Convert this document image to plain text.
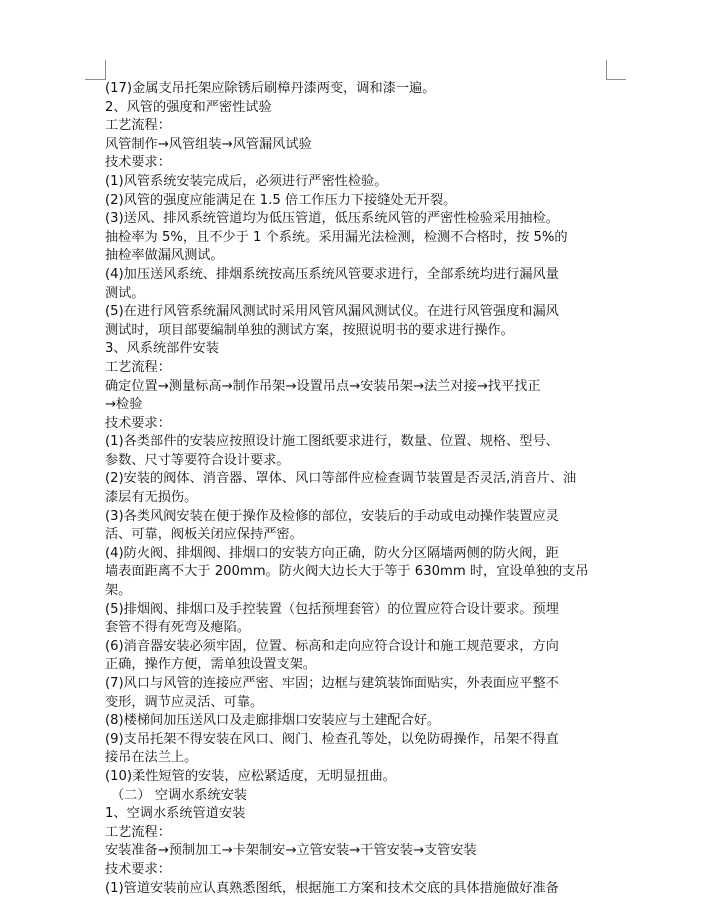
(17)金属支吊托架应除锈后刷樟丹漆两变，调和漆一遍。
2、风管的强度和严密性试验
工艺流程：
风管制作→风管组装→风管漏风试验
技术要求：
(1)风管系统安装完成后，必须进行严密性检验。
(2)风管的强度应能满足在 1.5 倍工作压力下接缝处无开裂。
(3)送风、排风系统管道均为低压管道，低压系统风管的严密性检验采用抽检。
抽检率为 5%，且不少于 1 个系统。采用漏光法检测，检测不合格时，按 5%的
抽检率做漏风测试。
(4)加压送风系统、排烟系统按高压系统风管要求进行，全部系统均进行漏风量
测试。
(5)在进行风管系统漏风测试时采用风管风漏风测试仪。在进行风管强度和漏风
测试时，项目部要编制单独的测试方案，按照说明书的要求进行操作。
3、风系统部件安装
工艺流程：
确定位置→测量标高→制作吊架→设置吊点→安装吊架→法兰对接→找平找正
→检验
技术要求：
(1)各类部件的安装应按照设计施工图纸要求进行，数量、位置、规格、型号、
参数、尺寸等要符合设计要求。
(2)安装的阀体、消音器、罩体、风口等部件应检查调节装置是否灵活,消音片、油
漆层有无损伤。
(3)各类风阀安装在便于操作及检修的部位，安装后的手动或电动操作装置应灵
活、可靠，阀板关闭应保持严密。
(4)防火阀、排烟阀、排烟口的安装方向正确，防火分区隔墙两侧的防火阀，距
墙表面距离不大于 200mm。防火阀大边长大于等于 630mm 时，宜设单独的支吊
架。
(5)排烟阀、排烟口及手控装置（包括预埋套管）的位置应符合设计要求。预埋
套管不得有死弯及瘪陷。
(6)消音器安装必须牢固，位置、标高和走向应符合设计和施工规范要求，方向
正确，操作方便，需单独设置支架。
(7)风口与风管的连接应严密、牢固；边框与建筑装饰面贴实，外表面应平整不
变形，调节应灵活、可靠。
(8)楼梯间加压送风口及走廊排烟口安装应与土建配合好。
(9)支吊托架不得安装在风口、阀门、检查孔等处，以免防碍操作，吊架不得直
接吊在法兰上。
(10)柔性短管的安装，应松紧适度，无明显扭曲。
（二） 空调水系统安装
1、空调水系统管道安装
工艺流程：
安装准备→预制加工→卡架制安→立管安装→干管安装→支管安装
技术要求：
(1)管道安装前应认真熟悉图纸，根据施工方案和技术交底的具体措施做好准备
